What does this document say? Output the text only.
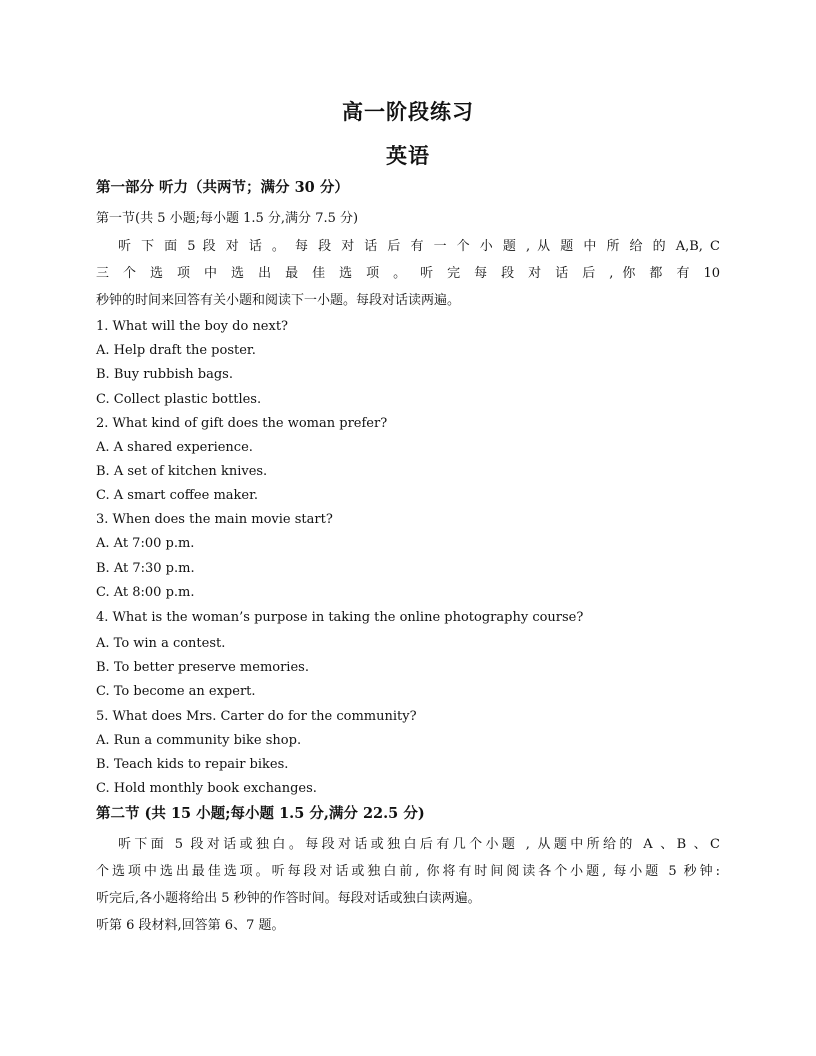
高一阶段练习
英语
第一部分 听力（共两节；满分 30 分）
第一节(共 5 小题;每小题 1.5 分,满分 7.5 分)
听 下 面 5 段 对 话 。 每 段 对 话 后 有 一 个 小 题 , 从 题 中 所 给 的 A,B, C
三 个 选 项 中 选 出 最 佳 选 项 。 听 完 每 段 对 话 后 , 你 都 有 10
秒钟的时间来回答有关小题和阅读下一小题。每段对话读两遍。
1. What will the boy do next?
A. Help draft the poster.
B. Buy rubbish bags.
C. Collect plastic bottles.
2. What kind of gift does the woman prefer?
A. A shared experience.
B. A set of kitchen knives.
C. A smart coffee maker.
3. When does the main movie start?
A. At 7:00 p.m.
B. At 7:30 p.m.
C. At 8:00 p.m.
4. What is the woman’s purpose in taking the online photography course?
A. To win a contest.
B. To better preserve memories.
C. To become an expert.
5. What does Mrs. Carter do for the community?
A. Run a community bike shop.
B. Teach kids to repair bikes.
C. Hold monthly book exchanges.
第二节 (共 15 小题;每小题 1.5 分,满分 22.5 分)
听下面 5 段对话或独白。每段对话或独白后有几个小题 , 从题中所给的 A 、B 、C
个选项中选出最佳选项。听每段对话或独白前, 你将有时间阅读各个小题, 每小题 5 秒钟:
听完后,各小题将给出 5 秒钟的作答时间。每段对话或独白读两遍。
听第 6 段材料,回答第 6、7 题。
